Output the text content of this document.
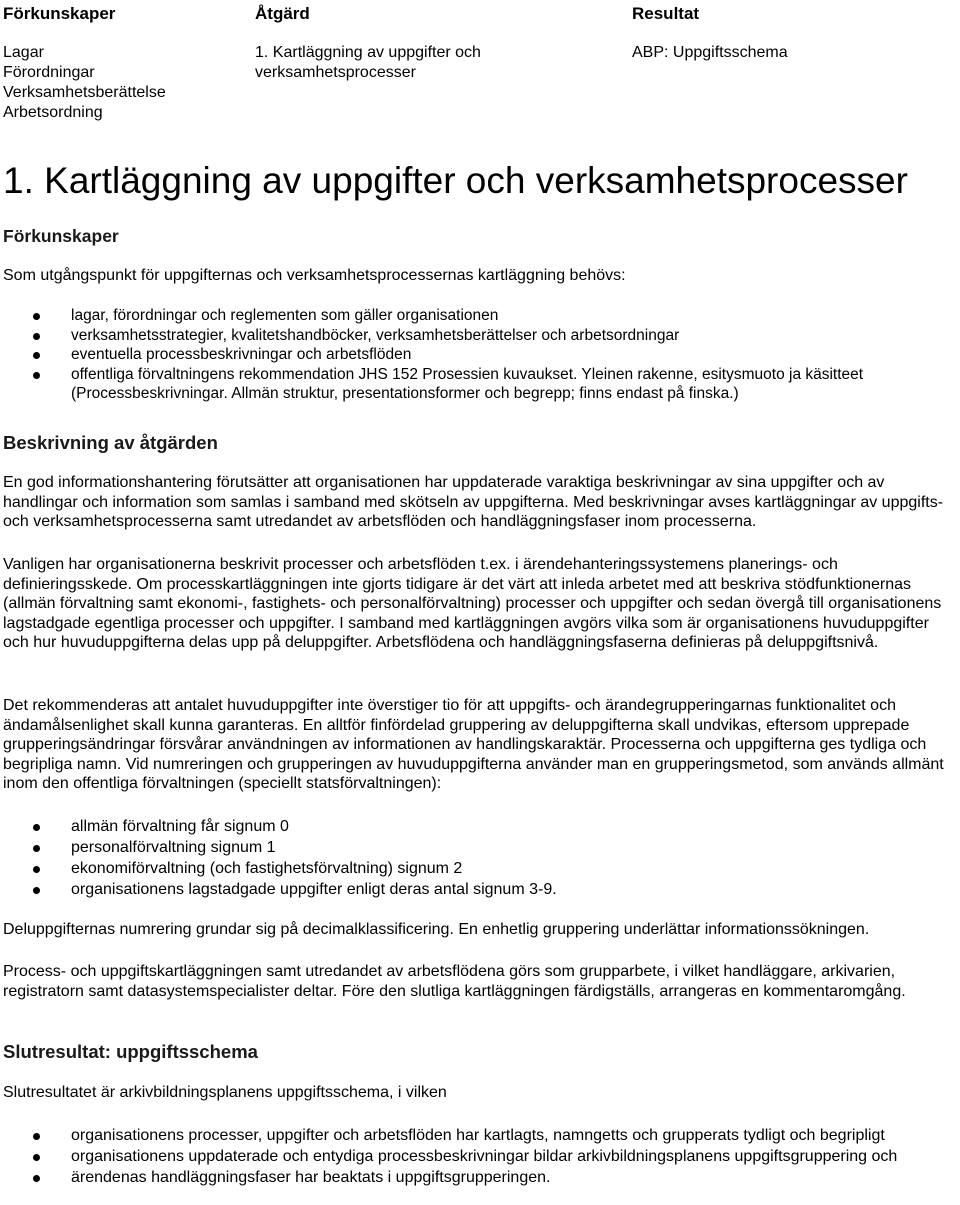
Förkunskaper	Åtgärd	Resultat
Lagar
Förordningar
Verksamhetsberättelse
Arbetsordning
1. Kartläggning av uppgifter och
verksamhetsprocesser
ABP: Uppgiftsschema
1. Kartläggning av uppgifter och verksamhetsprocesser
Förkunskaper

Som utgångspunkt för uppgifternas och verksamhetsprocessernas kartläggning behövs:

lagar, förordningar och reglementen som gäller organisationen
verksamhetsstrategier, kvalitetshandböcker, verksamhetsberättelser och arbetsordningar
eventuella processbeskrivningar och arbetsflöden
offentliga förvaltningens rekommendation JHS 152 Prosessien kuvaukset. Yleinen rakenne, esitysmuoto ja käsitteet (Processbeskrivningar. Allmän struktur, presentationsformer och begrepp; finns endast på finska.)
Beskrivning av åtgärden

En god informationshantering förutsätter att organisationen har uppdaterade varaktiga beskrivningar av sina uppgifter och av handlingar och information som samlas i samband med skötseln av uppgifterna. Med beskrivningar avses kartläggningar av uppgifts- och verksamhetsprocesserna samt utredandet av arbetsflöden och handläggningsfaser inom processerna.

Vanligen har organisationerna beskrivit processer och arbetsflöden t.ex. i ärendehanteringssystemens planerings- och definieringsskede. Om processkartläggningen inte gjorts tidigare är det värt att inleda arbetet med att beskriva stödfunktionernas (allmän förvaltning samt ekonomi-, fastighets- och personalförvaltning) processer och uppgifter och sedan övergå till organisationens lagstadgade egentliga processer och uppgifter. I samband med kartläggningen avgörs vilka som är organisationens huvuduppgifter och hur huvuduppgifterna delas upp på deluppgifter. Arbetsflödena och handläggningsfaserna definieras på deluppgiftsnivå.

Det rekommenderas att antalet huvuduppgifter inte överstiger tio för att uppgifts- och ärandegrupperingarnas funktionalitet och ändamålsenlighet skall kunna garanteras. En alltför finfördelad gruppering av deluppgifterna skall undvikas, eftersom upprepade grupperingsändringar försvårar användningen av informationen av handlingskaraktär. Processerna och uppgifterna ges tydliga och begripliga namn. Vid numreringen och grupperingen av huvuduppgifterna använder man en grupperingsmetod, som används allmänt inom den offentliga förvaltningen (speciellt statsförvaltningen):

allmän förvaltning får signum 0
personalförvaltning signum 1
ekonomiförvaltning (och fastighetsförvaltning) signum 2
organisationens lagstadgade uppgifter enligt deras antal signum 3-9.

Deluppgifternas numrering grundar sig på decimalklassificering. En enhetlig gruppering underlättar informationssökningen.

Process- och uppgiftskartläggningen samt utredandet av arbetsflödena görs som grupparbete, i vilket handläggare, arkivarien, registratorn samt datasystemspecialister deltar. Före den slutliga kartläggningen färdigställs, arrangeras en kommentaromgång.

Slutresultat: uppgiftsschema

Slutresultatet är arkivbildningsplanens uppgiftsschema, i vilken

organisationens processer, uppgifter och arbetsflöden har kartlagts, namngetts och grupperats tydligt och begripligt
organisationens uppdaterade och entydiga processbeskrivningar bildar arkivbildningsplanens uppgiftsgruppering och
ärendenas handläggningsfaser har beaktats i uppgiftsgrupperingen.
